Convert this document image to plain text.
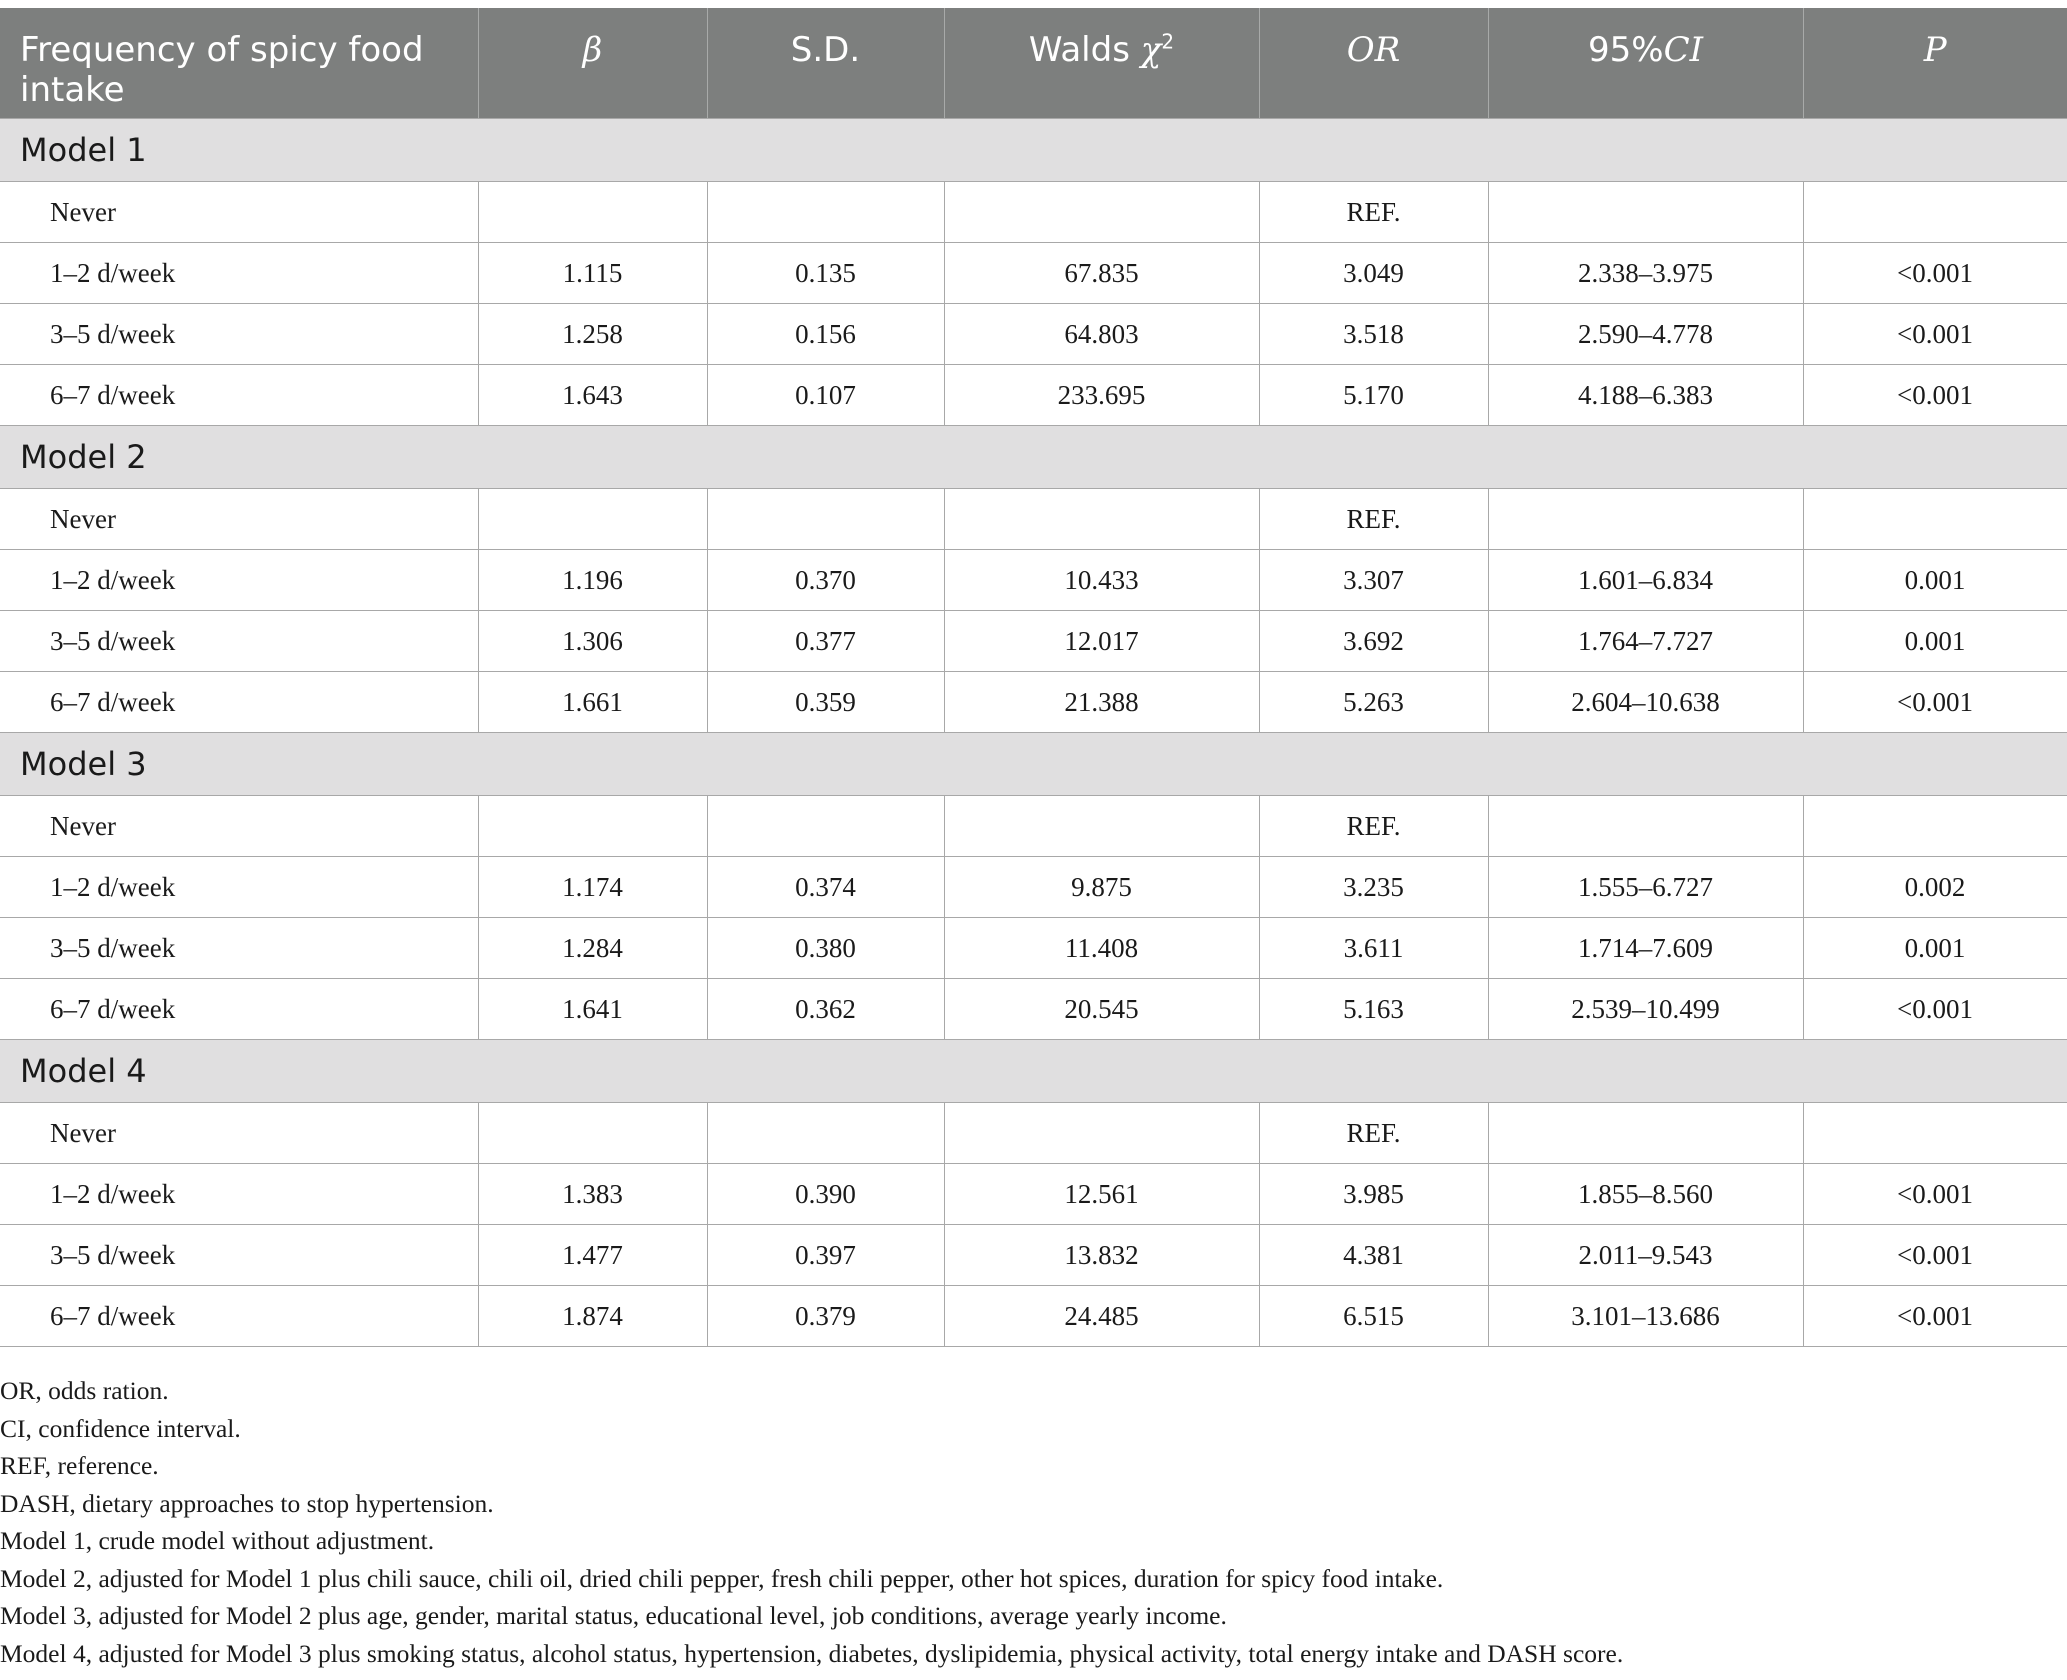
Frequency of spicy food intake	β	S.D.	Walds $\chi^2$	OR	95%CI	P

Model 1						
Never				REF.		
1–2 d/week	1.115	0.135	67.835	3.049	2.338–3.975	<0.001
3–5 d/week	1.258	0.156	64.803	3.518	2.590–4.778	<0.001
6–7 d/week	1.643	0.107	233.695	5.170	4.188–6.383	<0.001
Model 2						
Never				REF.		
1–2 d/week	1.196	0.370	10.433	3.307	1.601–6.834	0.001
3–5 d/week	1.306	0.377	12.017	3.692	1.764–7.727	0.001
6–7 d/week	1.661	0.359	21.388	5.263	2.604–10.638	<0.001
Model 3						
Never				REF.		
1–2 d/week	1.174	0.374	9.875	3.235	1.555–6.727	0.002
3–5 d/week	1.284	0.380	11.408	3.611	1.714–7.609	0.001
6–7 d/week	1.641	0.362	20.545	5.163	2.539–10.499	<0.001
Model 4						
Never				REF.		
1–2 d/week	1.383	0.390	12.561	3.985	1.855–8.560	<0.001
3–5 d/week	1.477	0.397	13.832	4.381	2.011–9.543	<0.001
6–7 d/week	1.874	0.379	24.485	6.515	3.101–13.686	<0.001
OR, odds ration.
CI, confidence interval.
REF, reference.
DASH, dietary approaches to stop hypertension.
Model 1, crude model without adjustment.
Model 2, adjusted for Model 1 plus chili sauce, chili oil, dried chili pepper, fresh chili pepper, other hot spices, duration for spicy food intake.
Model 3, adjusted for Model 2 plus age, gender, marital status, educational level, job conditions, average yearly income.
Model 4, adjusted for Model 3 plus smoking status, alcohol status, hypertension, diabetes, dyslipidemia, physical activity, total energy intake and DASH score.
